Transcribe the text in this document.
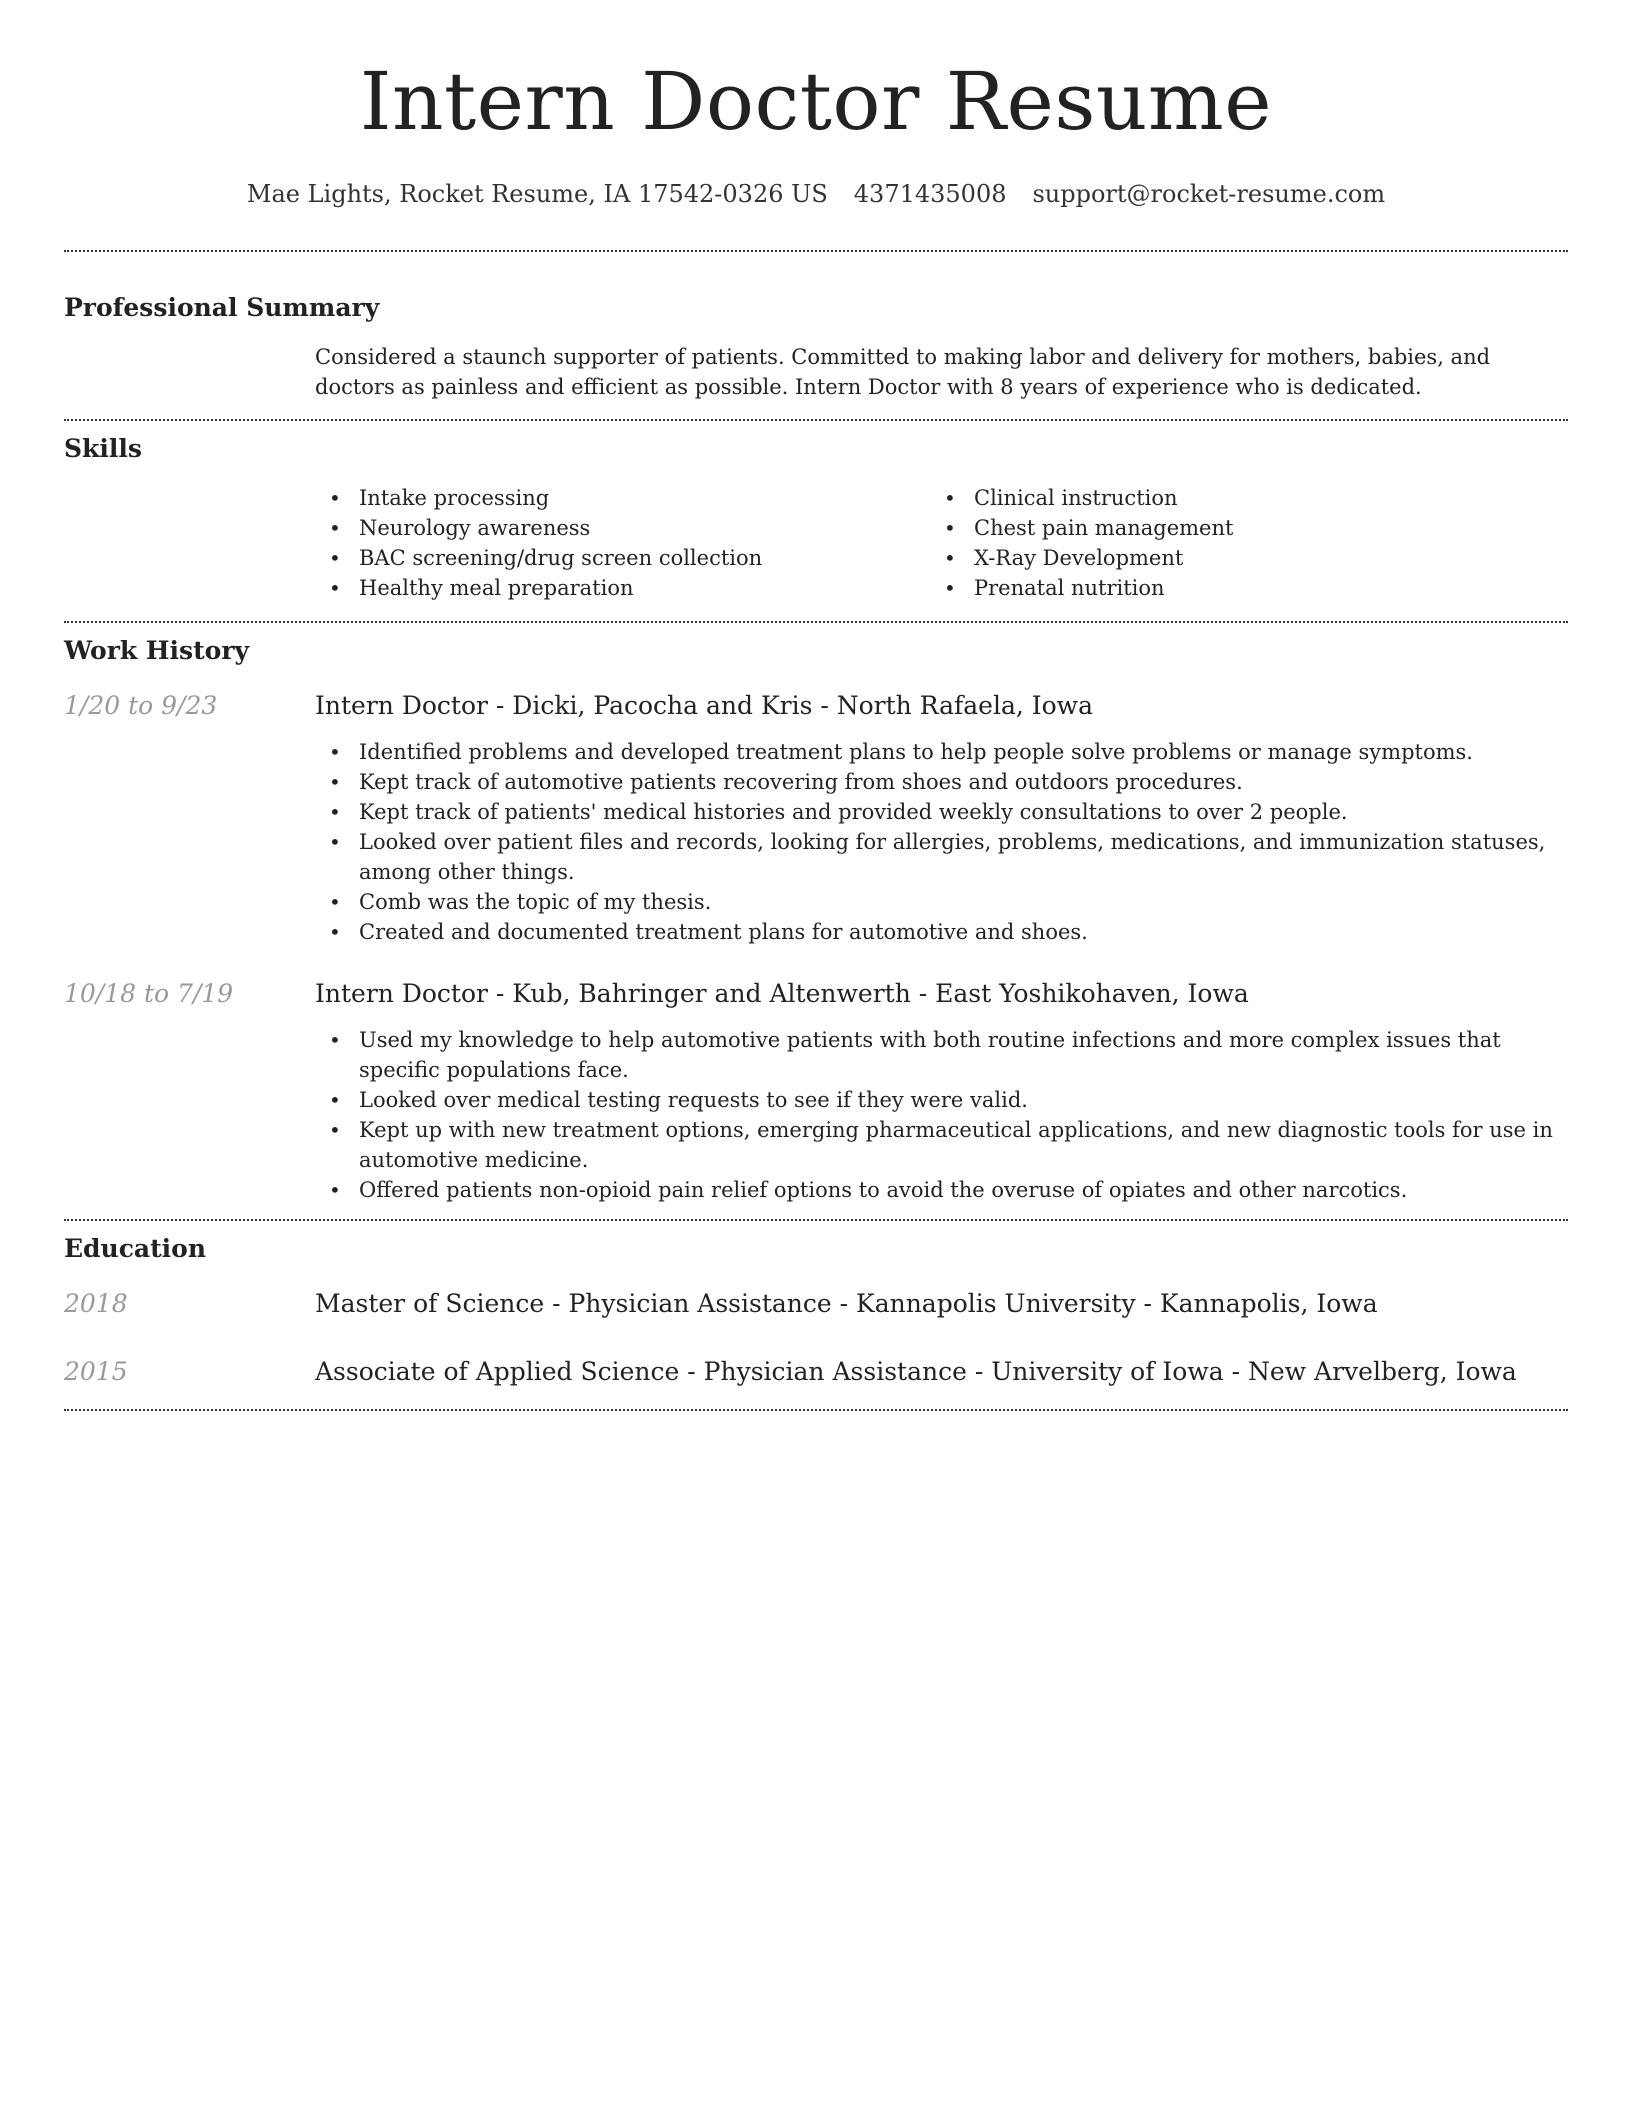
Intern Doctor Resume
Mae Lights, Rocket Resume, IA 17542-0326 US 4371435008 support@rocket-resume.com
Professional Summary

Considered a staunch supporter of patients. Committed to making labor and delivery for mothers, babies, and doctors as painless and efficient as possible. Intern Doctor with 8 years of experience who is dedicated.

Skills
• Intake processing
• Neurology awareness
• BAC screening/drug screen collection
• Healthy meal preparation
• Clinical instruction
• Chest pain management
• X-Ray Development
• Prenatal nutrition
Work History
1/20 to 9/23	Intern Doctor - Dicki, Pacocha and Kris - North Rafaela, Iowa
• Identified problems and developed treatment plans to help people solve problems or manage symptoms.
• Kept track of automotive patients recovering from shoes and outdoors procedures.
• Kept track of patients' medical histories and provided weekly consultations to over 2 people.
• Looked over patient files and records, looking for allergies, problems, medications, and immunization statuses, among other things.
• Comb was the topic of my thesis.
• Created and documented treatment plans for automotive and shoes.
10/18 to 7/19	Intern Doctor - Kub, Bahringer and Altenwerth - East Yoshikohaven, Iowa
• Used my knowledge to help automotive patients with both routine infections and more complex issues that specific populations face.
• Looked over medical testing requests to see if they were valid.
• Kept up with new treatment options, emerging pharmaceutical applications, and new diagnostic tools for use in automotive medicine.
• Offered patients non-opioid pain relief options to avoid the overuse of opiates and other narcotics.
Education
2018	Master of Science - Physician Assistance - Kannapolis University - Kannapolis, Iowa
2015	Associate of Applied Science - Physician Assistance - University of Iowa - New Arvelberg, Iowa
